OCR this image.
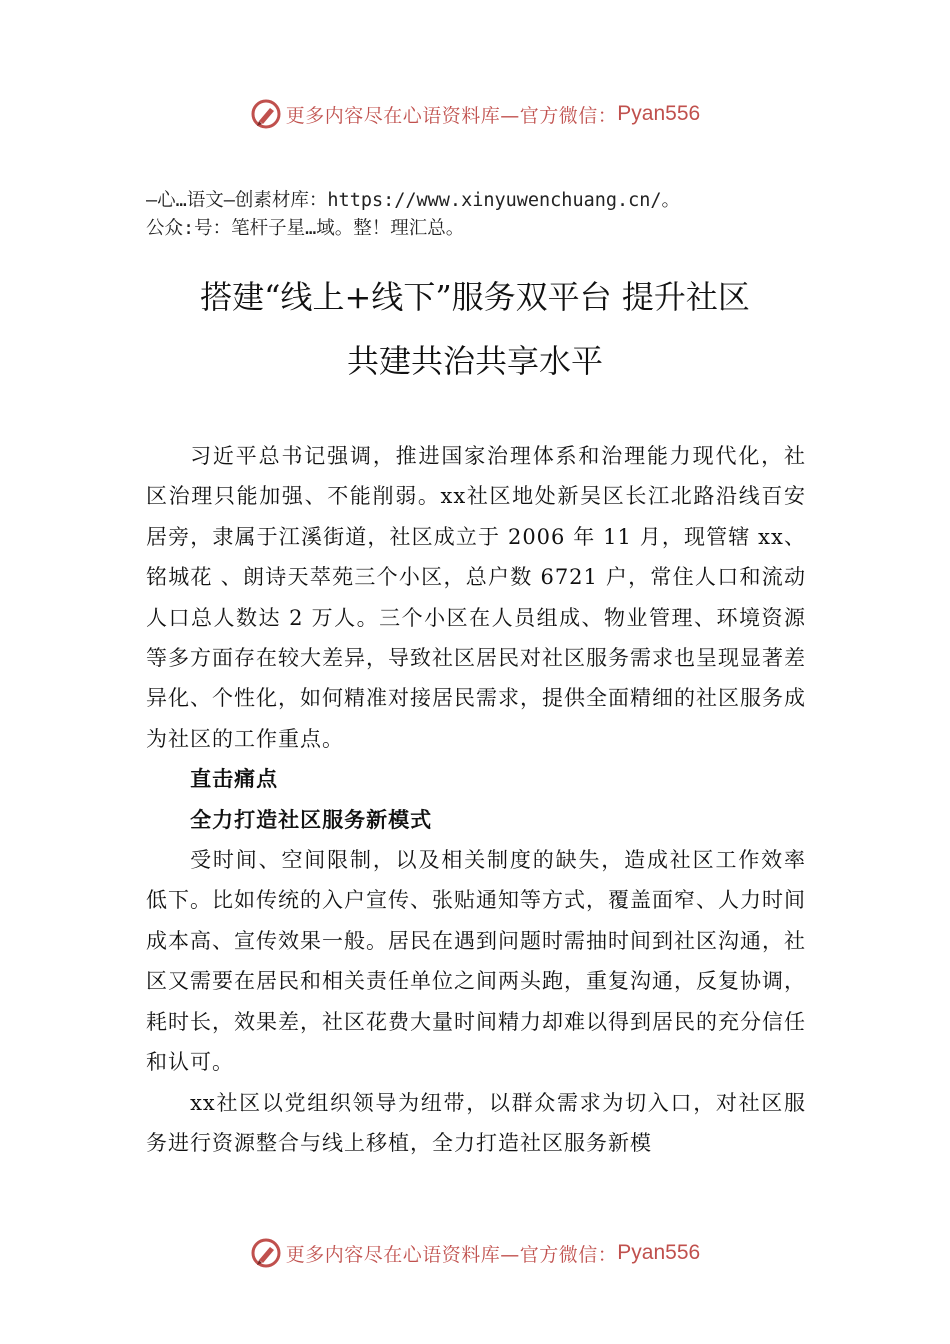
更多内容尽在心语资料库—官方微信： Pyan556
—心…语文—创素材库：https://www.xinyuwenchuang.cn/。
公众:号：笔杆子星…域。整！理汇总。
搭建“线上+线下”服务双平台 提升社区
共建共治共享水平

习近平总书记强调，推进国家治理体系和治理能力现代化，社区治理只能加强、不能削弱。xx社区地处新吴区长江北路沿线百安居旁，隶属于江溪街道，社区成立于 2006 年 11 月，现管辖 xx、铭城花 、朗诗天萃苑三个小区，总户数 6721 户，常住人口和流动人口总人数达 2 万人。三个小区在人员组成、物业管理、环境资源等多方面存在较大差异，导致社区居民对社区服务需求也呈现显著差异化、个性化，如何精准对接居民需求，提供全面精细的社区服务成为社区的工作重点。

直击痛点

全力打造社区服务新模式

受时间、空间限制，以及相关制度的缺失，造成社区工作效率低下。比如传统的入户宣传、张贴通知等方式，覆盖面窄、人力时间成本高、宣传效果一般。居民在遇到问题时需抽时间到社区沟通，社区又需要在居民和相关责任单位之间两头跑，重复沟通，反复协调，耗时长，效果差，社区花费大量时间精力却难以得到居民的充分信任和认可。

xx社区以党组织领导为纽带，以群众需求为切入口，对社区服务进行资源整合与线上移植，全力打造社区服务新模

更多内容尽在心语资料库—官方微信： Pyan556
